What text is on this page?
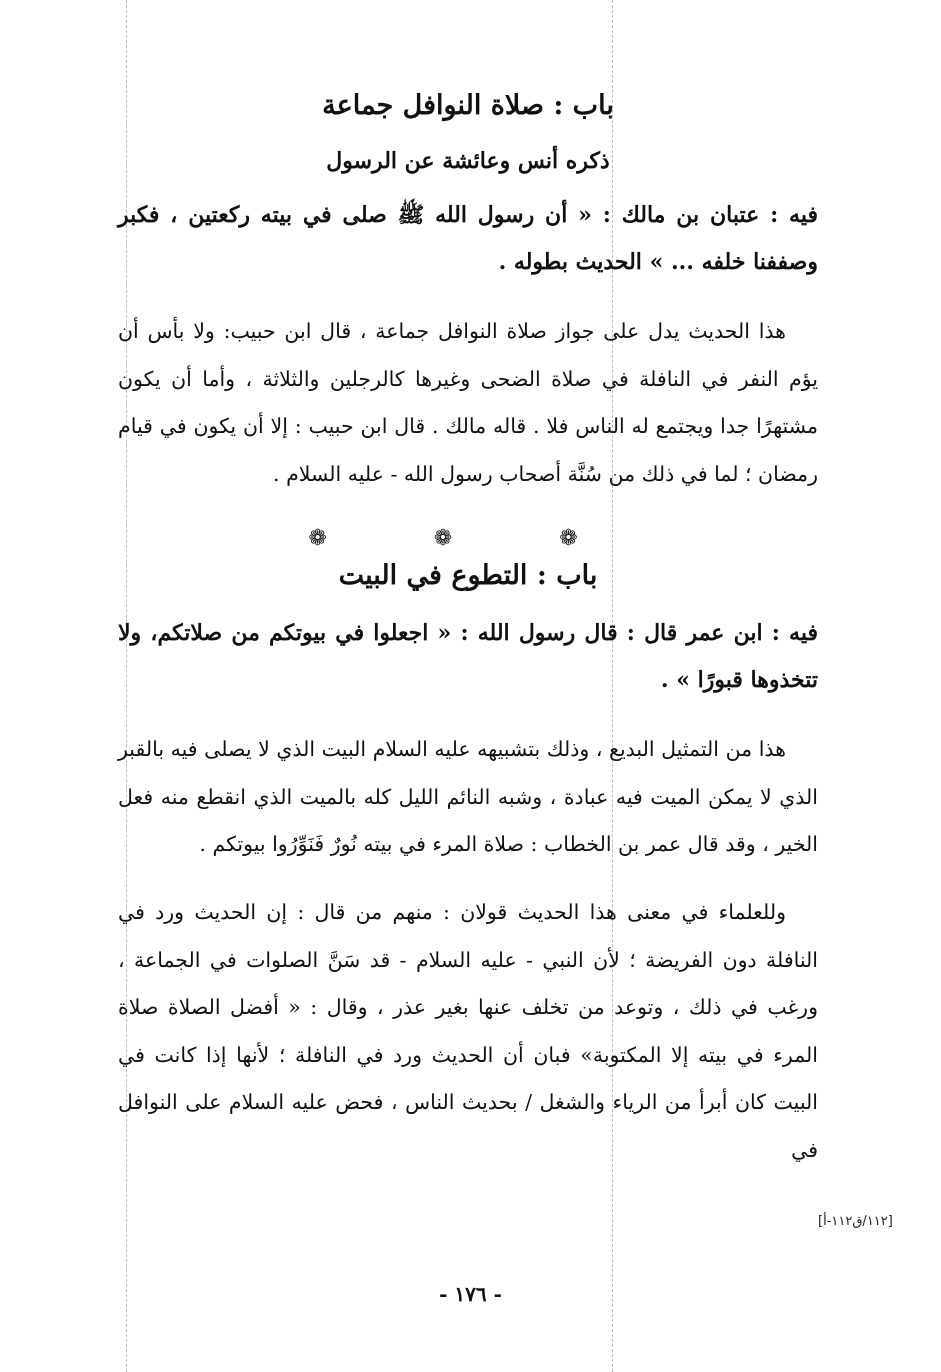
باب : صلاة النوافل جماعة
ذكره أنس وعائشة عن الرسول

فيه : عتبان بن مالك : « أن رسول الله ﷺ صلى في بيته ركعتين ، فكبر وصففنا خلفه ... » الحديث بطوله .

هذا الحديث يدل على جواز صلاة النوافل جماعة ، قال ابن حبيب: ولا بأس أن يؤم النفر في النافلة في صلاة الضحى وغيرها كالرجلين والثلاثة ، وأما أن يكون مشتهرًا جدا ويجتمع له الناس فلا . قاله مالك . قال ابن حبيب : إلا أن يكون في قيام رمضان ؛ لما في ذلك من سُنَّة أصحاب رسول الله - عليه السلام .

❁ ❁ ❁
باب : التطوع في البيت

فيه : ابن عمر قال : قال رسول الله : « اجعلوا في بيوتكم من صلاتكم، ولا تتخذوها قبورًا » .

هذا من التمثيل البديع ، وذلك بتشبيهه عليه السلام البيت الذي لا يصلى فيه بالقبر الذي لا يمكن الميت فيه عبادة ، وشبه النائم الليل كله بالميت الذي انقطع منه فعل الخير ، وقد قال عمر بن الخطاب : صلاة المرء في بيته نُورٌ فَنَوِّرُوا بيوتكم .

وللعلماء في معنى هذا الحديث قولان : منهم من قال : إن الحديث ورد في النافلة دون الفريضة ؛ لأن النبي - عليه السلام - قد سَنَّ الصلوات في الجماعة ، ورغب في ذلك ، وتوعد من تخلف عنها بغير عذر ، وقال : « أفضل الصلاة صلاة المرء في بيته إلا المكتوبة» فبان أن الحديث ورد في النافلة ؛ لأنها إذا كانت في البيت كان أبرأ من الرياء والشغل / بحديث الناس ، فحض عليه السلام على النوافل في

[١١٢/ق١١٢-أ]
- ١٧٦ -
